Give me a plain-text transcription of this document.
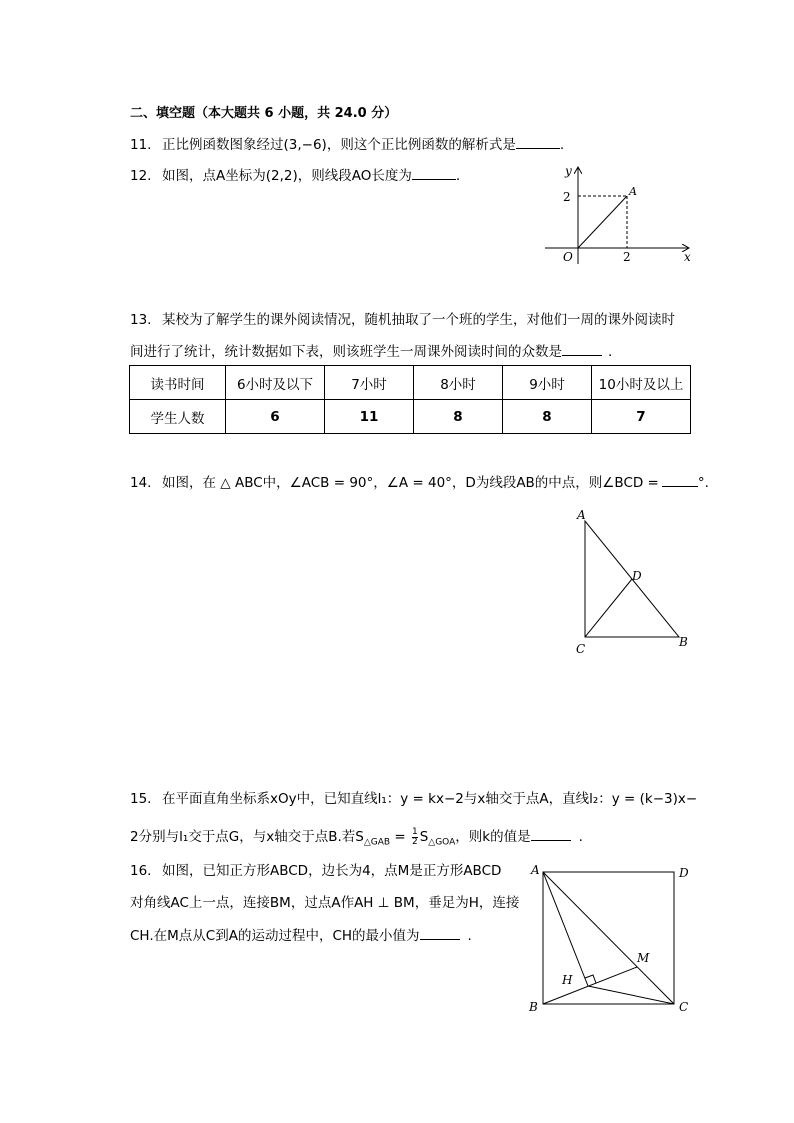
二、填空题（本大题共 6 小题，共 24.0 分）
11. 正比例函数图象经过(3,−6)，则这个正比例函数的解析式是	.
12. 如图，点A坐标为(2,2)，则线段AO长度为	.	y
x
O
2
2
A
13. 某校为了解学生的课外阅读情况，随机抽取了一个班的学生，对他们一周的课外阅读时
间进行了统计，统计数据如下表，则该班学生一周课外阅读时间的众数是	.
读书时间	6小时及以下	7小时	8小时	9小时	10小时及以上
学生人数	6	11	8	8	7
14. 如图，在 △ ABC中，∠ACB = 90°，∠A = 40°，D为线段AB的中点，则∠BCD =	°.
A
C	B
D
15. 在平面直角坐标系xOy中，已知直线l₁：y = kx−2与x轴交于点A，直线l₂：y = (k−3)x−
2分别与l₁交于点G，与x轴交于点B.若$S_{\triangle GAB} = \frac{1}{2} S_{\triangle GOA}$，则k的值是	.
16. 如图，已知正方形ABCD，边长为4，点M是正方形ABCD
对角线AC上一点，连接BM，过点A作AH ⊥ BM，垂足为H，连接
CH.在M点从C到A的运动过程中，CH的最小值为	.
A	D
B	C
M
H
